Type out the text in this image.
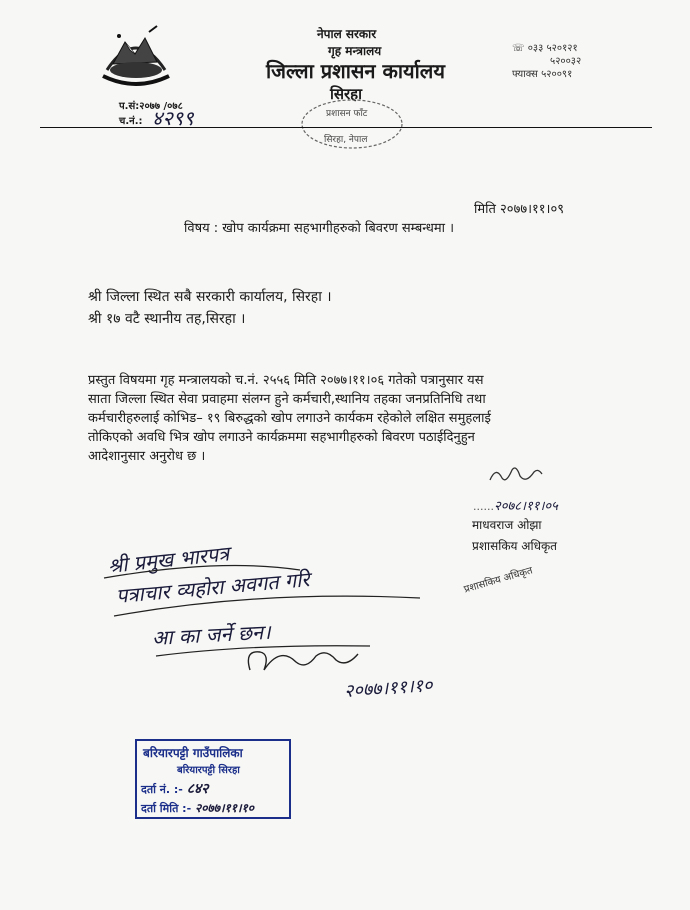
नेपाल सरकार
गृह मन्त्रालय
जिल्ला प्रशासन कार्यालय
सिरहा
☏ ०३३ ५२०१२१
५२००३२
फ्याक्स ५२००९१
प.सं:२०७७ /०७८
च.नं.: ४२९९	प्रशासन फाँट
सिरहा, नेपाल
मिति २०७७।११।०९
विषय : खोप कार्यक्रमा सहभागीहरुको बिवरण सम्बन्धमा ।
श्री जिल्ला स्थित सबै सरकारी कार्यालय, सिरहा ।
श्री १७ वटै स्थानीय तह,सिरहा ।
प्रस्तुत विषयमा गृह मन्त्रालयको च.नं. २५५६ मिति २०७७।११।०६ गतेको पत्रानुसार यस
साता जिल्ला स्थित सेवा प्रवाहमा संलग्न हुने कर्मचारी,स्थानिय तहका जनप्रतिनिधि तथा
कर्मचारीहरुलाई कोभिड– १९ बिरुद्धको खोप लगाउने कार्यकम रहेकोले लक्षित समुहलाई
तोकिएको अवधि भित्र खोप लगाउने कार्यक्रममा सहभागीहरुको बिवरण पठाईदिनुहुन
आदेशानुसार अनुरोध छ ।
......२०७८।११।०५
माधवराज ओझा
प्रशासकिय अधिकृत
प्रशासकिय अधिकृत
श्री प्रमुख भारपत्र
पत्राचार व्यहोरा अवगत गरि
आ का जर्ने छन।
२०७७।११।१०
बरियारपट्टी गाउँपालिका
बरियारपट्टी सिरहा
दर्ता नं. :- ८४२
दर्ता मिति :- २०७७।११।१०
